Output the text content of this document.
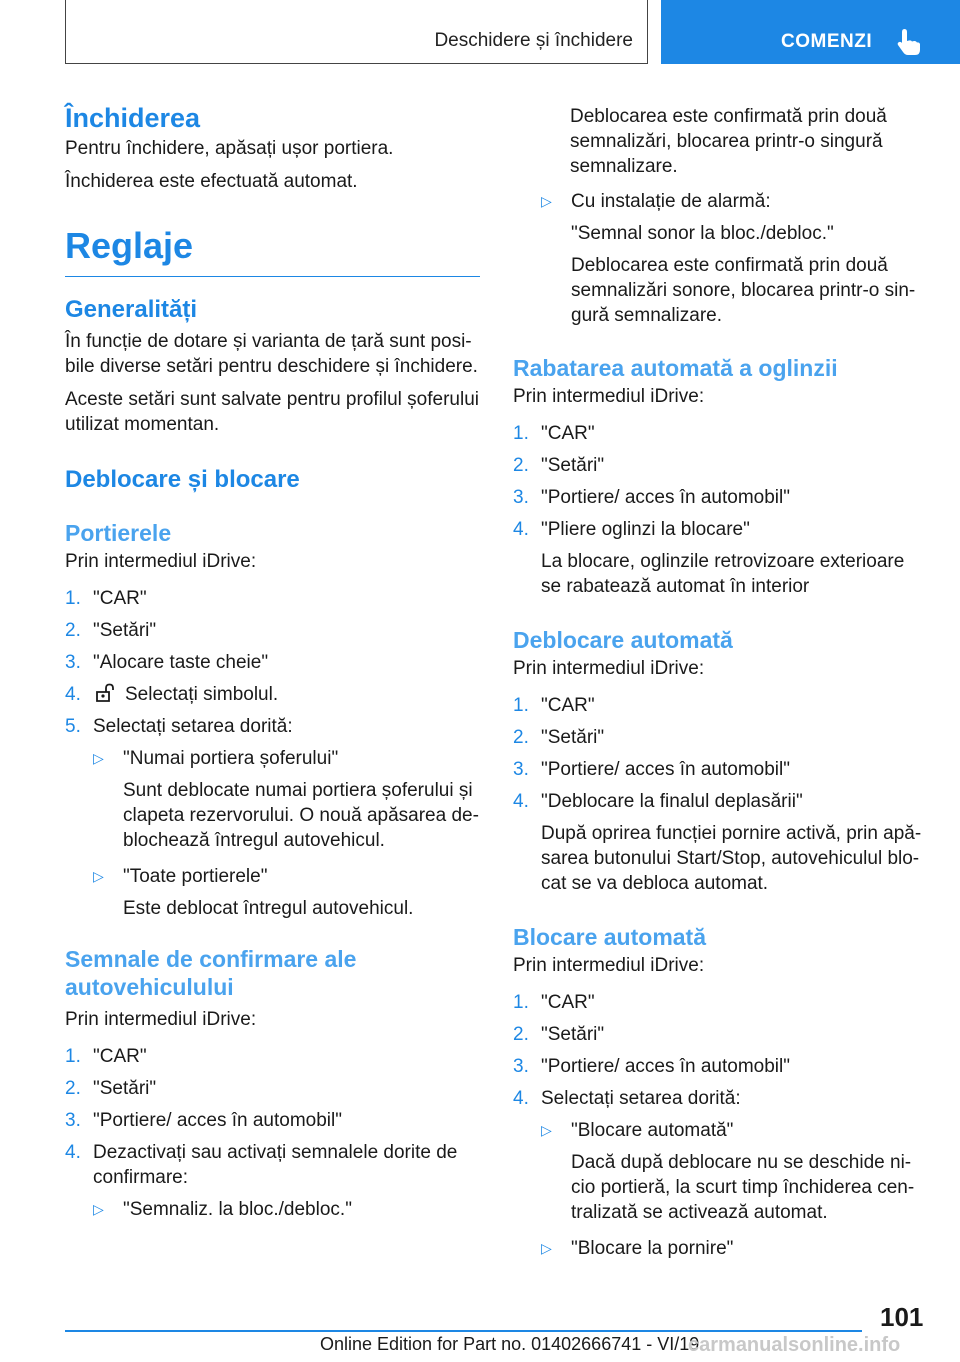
Deschidere și închidere	COMENZI
Închiderea

Pentru închidere, apăsați ușor portiera.

Închiderea este efectuată automat.

Reglaje
Generalități

În funcție de dotare și varianta de țară sunt posi‐ bile diverse setări pentru deschidere și închidere.

Aceste setări sunt salvate pentru profilul șoferului utilizat momentan.

Deblocare și blocare
Portierele

Prin intermediul iDrive:

1. "CAR"

2. "Setări"

3. "Alocare taste cheie"

4.	Selectați simbolul.

5. Selectați setarea dorită:

▷	"Numai portiera șoferului"

Sunt deblocate numai portiera șoferului și clapeta rezervorului. O nouă apăsarea de‐ blochează întregul autovehicul.

▷	"Toate portierele"

Este deblocat întregul autovehicul.

Semnale de confirmare ale autovehiculului

Prin intermediul iDrive:

1. "CAR"

2. "Setări"

3. "Portiere/ acces în automobil"

4. Dezactivați sau activați semnalele dorite de confirmare:

▷	"Semnaliz. la bloc./debloc."

Deblocarea este confirmată prin două semnalizări, blocarea printr-o singură semnalizare.

▷	Cu instalație de alarmă:

"Semnal sonor la bloc./debloc."

Deblocarea este confirmată prin două semnalizări sonore, blocarea printr-o sin‐ gură semnalizare.

Rabatarea automată a oglinzii

Prin intermediul iDrive:

1. "CAR"

2. "Setări"

3. "Portiere/ acces în automobil"

4. "Pliere oglinzi la blocare"

La blocare, oglinzile retrovizoare exterioare se rabatează automat în interior

Deblocare automată

Prin intermediul iDrive:

1. "CAR"

2. "Setări"

3. "Portiere/ acces în automobil"

4. "Deblocare la finalul deplasării"

După oprirea funcției pornire activă, prin apă‐ sarea butonului Start/Stop, autovehiculul blo‐ cat se va debloca automat.

Blocare automată

Prin intermediul iDrive:

1. "CAR"

2. "Setări"

3. "Portiere/ acces în automobil"

4. Selectați setarea dorită:

▷	"Blocare automată"

Dacă după deblocare nu se deschide ni‐ cio portieră, la scurt timp închiderea cen‐ tralizată se activează automat.

▷	"Blocare la pornire"

101
Online Edition for Part no. 01402666741 - VI/19
carmanualsonline.info
